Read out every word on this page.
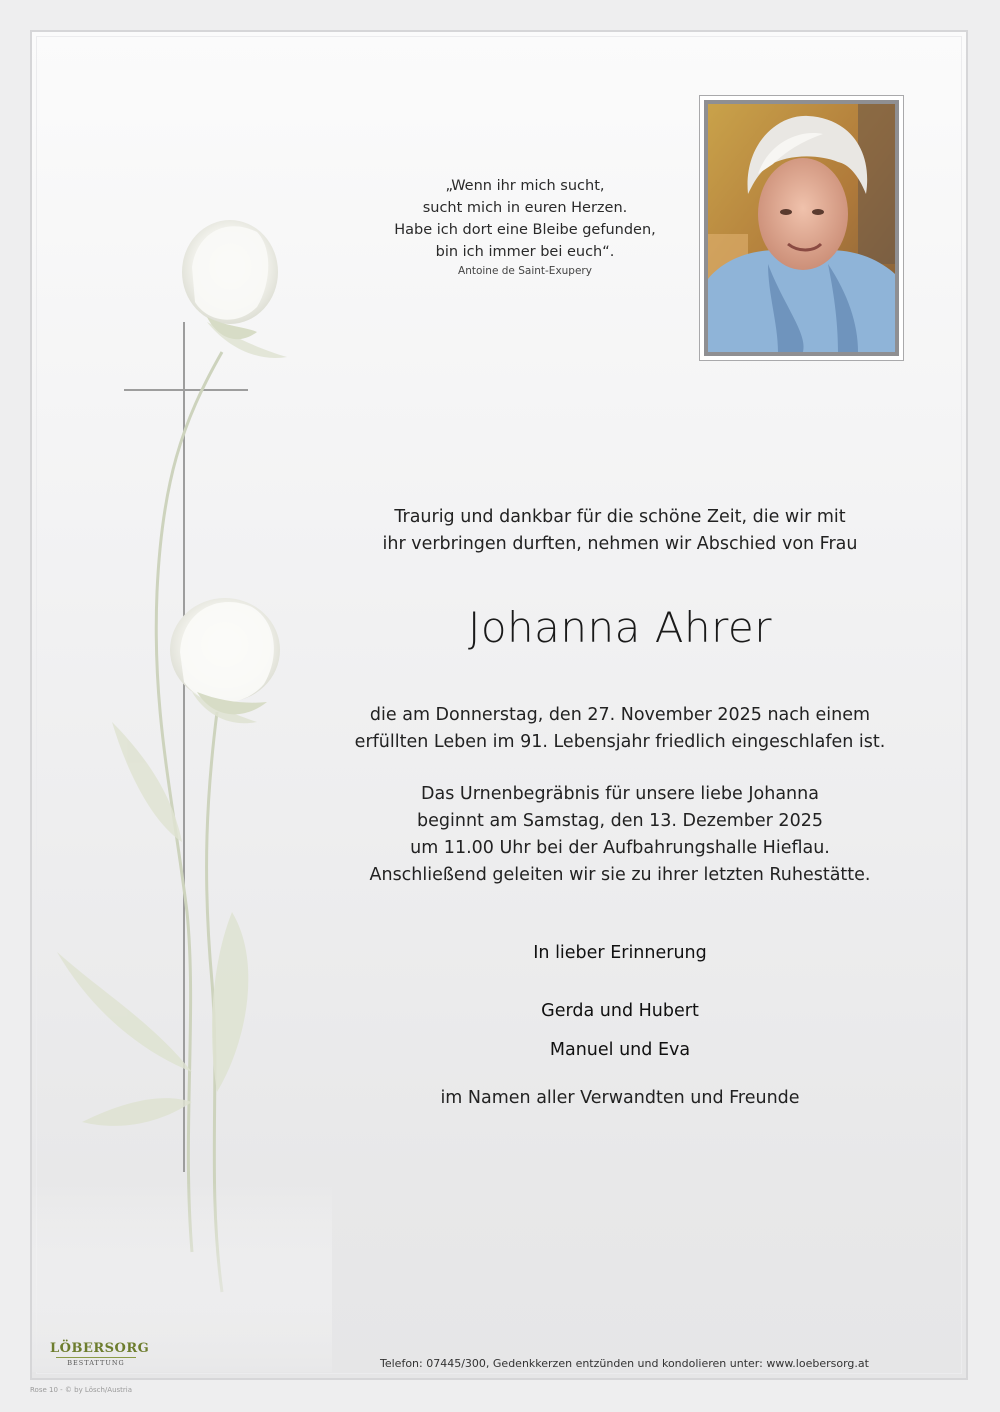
„Wenn ihr mich sucht,
sucht mich in euren Herzen.
Habe ich dort eine Bleibe gefunden,
bin ich immer bei euch“.
Antoine de Saint-Exupery
Traurig und dankbar für die schöne Zeit, die wir mit
ihr verbringen durften, nehmen wir Abschied von Frau
Johanna Ahrer
die am Donnerstag, den 27. November 2025 nach einem
erfüllten Leben im 91. Lebensjahr friedlich eingeschlafen ist.
Das Urnenbegräbnis für unsere liebe Johanna
beginnt am Samstag, den 13. Dezember 2025
um 11.00 Uhr bei der Aufbahrungshalle Hieflau.
Anschließend geleiten wir sie zu ihrer letzten Ruhestätte.
In lieber Erinnerung
Gerda und Hubert
Manuel und Eva
im Namen aller Verwandten und Freunde
LÖBERSORG
BESTATTUNG	Telefon: 07445/300, Gedenkkerzen entzünden und kondolieren unter: www.loebersorg.at
Rose 10 - © by Lösch/Austria
